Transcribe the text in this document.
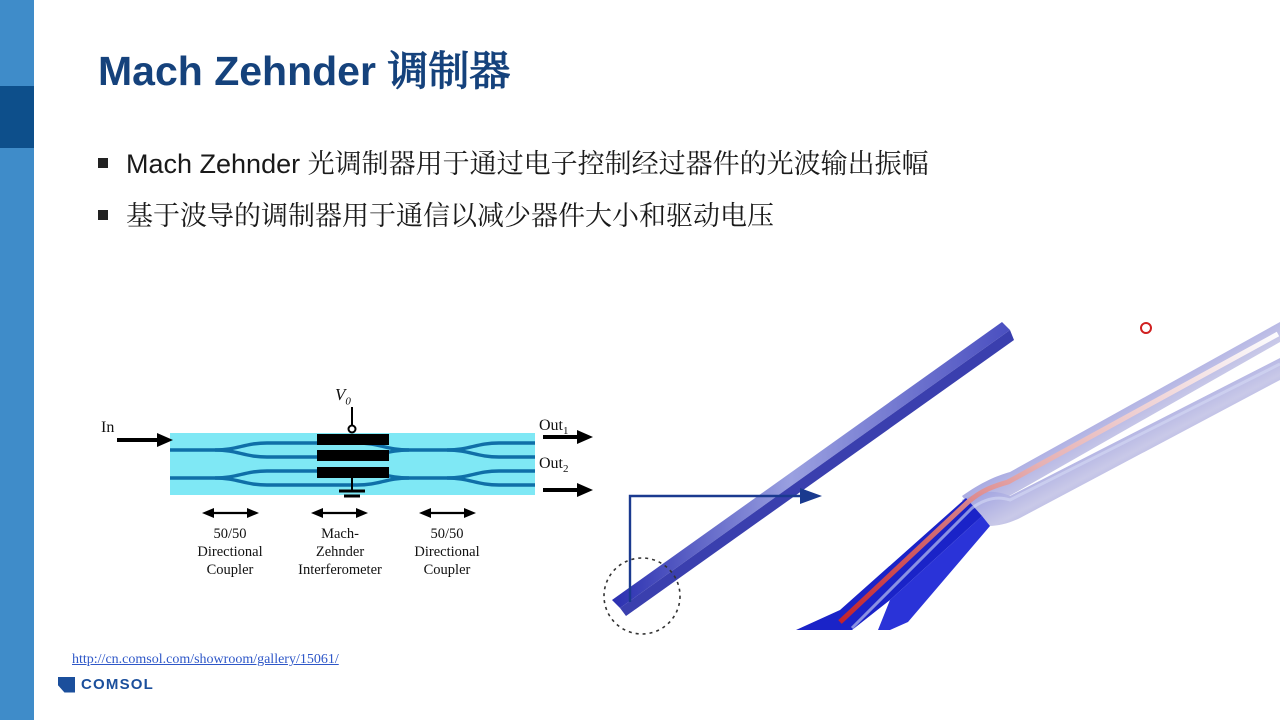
Mach Zehnder 调制器
Mach Zehnder 光调制器用于通过电子控制经过器件的光波输出振幅
基于波导的调制器用于通信以减少器件大小和驱动电压
In
$V_0$
Out$_1$
Out$_2$
50/50
Directional
Coupler
Mach-
Zehnder
Interferometer
50/50
Directional
Coupler
http://cn.comsol.com/showroom/gallery/15061/
COMSOL
